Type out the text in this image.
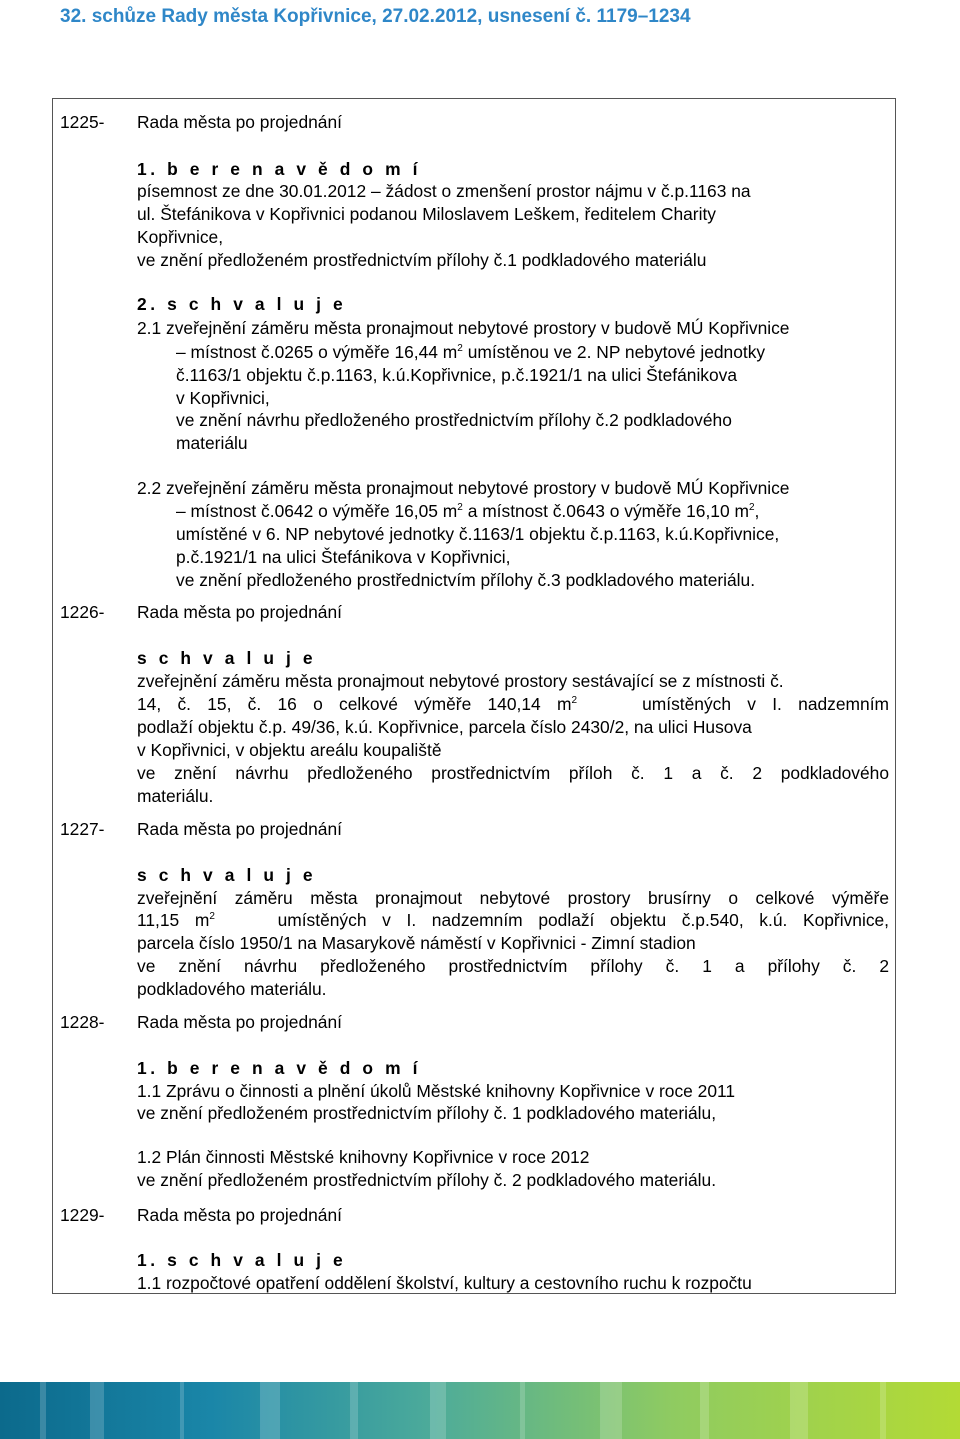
32. schůze Rady města Kopřivnice, 27.02.2012, usnesení č. 1179–1234
1225- Rada města po projednání
1. b e r e n a v ě d o m í
písemnost ze dne 30.01.2012 – žádost o zmenšení prostor nájmu v č.p.1163 na
ul. Štefánikova v Kopřivnici podanou Miloslavem Leškem, ředitelem Charity
Kopřivnice,
ve znění předloženém prostřednictvím přílohy č.1 podkladového materiálu
2. s c h v a l u j e
2.1 zveřejnění záměru města pronajmout nebytové prostory v budově MÚ Kopřivnice
– místnost č.0265 o výměře 16,44 $m^2$ umístěnou ve 2. NP nebytové jednotky
č.1163/1 objektu č.p.1163, k.ú.Kopřivnice, p.č.1921/1 na ulici Štefánikova
v Kopřivnici,
ve znění návrhu předloženého prostřednictvím přílohy č.2 podkladového
materiálu
2.2 zveřejnění záměru města pronajmout nebytové prostory v budově MÚ Kopřivnice
– místnost č.0642 o výměře 16,05 $m^2$ a místnost č.0643 o výměře 16,10 $m^2$,
umístěné v 6. NP nebytové jednotky č.1163/1 objektu č.p.1163, k.ú.Kopřivnice,
p.č.1921/1 na ulici Štefánikova v Kopřivnici,
ve znění předloženého prostřednictvím přílohy č.3 podkladového materiálu.
1226- Rada města po projednání
s c h v a l u j e
zveřejnění záměru města pronajmout nebytové prostory sestávající se z místnosti č.
14, č. 15, č. 16 o celkové výměře 140,14 $m^2$	umístěných v I. nadzemním
podlaží objektu č.p. 49/36, k.ú. Kopřivnice, parcela číslo 2430/2, na ulici Husova
v Kopřivnici, v objektu areálu koupaliště
ve znění návrhu předloženého prostřednictvím příloh č. 1 a č. 2 podkladového
materiálu.
1227- Rada města po projednání
s c h v a l u j e
zveřejnění záměru města pronajmout nebytové prostory brusírny o celkové výměře
11,15 $m^2$	umístěných v I. nadzemním podlaží objektu č.p.540, k.ú. Kopřivnice,
parcela číslo 1950/1 na Masarykově náměstí v Kopřivnici - Zimní stadion
ve znění návrhu předloženého prostřednictvím přílohy č. 1 a přílohy č. 2
podkladového materiálu.
1228- Rada města po projednání
1. b e r e n a v ě d o m í
1.1 Zprávu o činnosti a plnění úkolů Městské knihovny Kopřivnice v roce 2011
ve znění předloženém prostřednictvím přílohy č. 1 podkladového materiálu,
1.2 Plán činnosti Městské knihovny Kopřivnice v roce 2012
ve znění předloženém prostřednictvím přílohy č. 2 podkladového materiálu.
1229- Rada města po projednání
1. s c h v a l u j e
1.1 rozpočtové opatření oddělení školství, kultury a cestovního ruchu k rozpočtu
